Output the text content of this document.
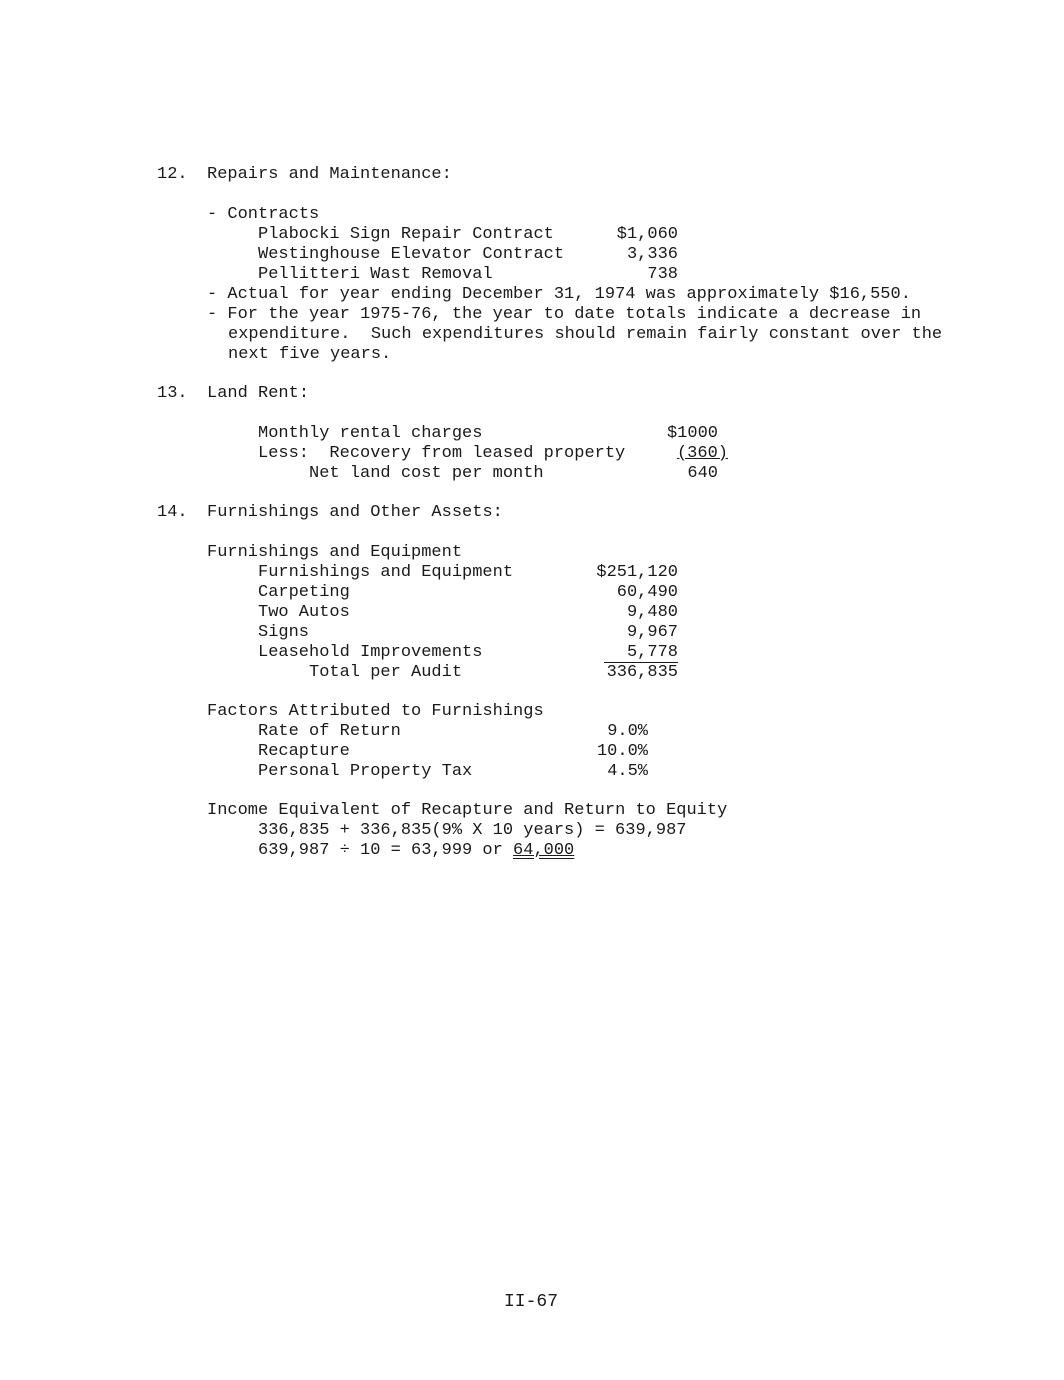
12. Repairs and Maintenance:
- Contracts
Plabocki Sign Repair Contract	$1,060
Westinghouse Elevator Contract	3,336
Pellitteri Wast Removal	738
- Actual for year ending December 31, 1974 was approximately $16,550.
- For the year 1975-76, the year to date totals indicate a decrease in
expenditure.  Such expenditures should remain fairly constant over the
next five years.
13. Land Rent:
Monthly rental charges	$1000
Less:  Recovery from leased property	(360)
Net land cost per month	640
14. Furnishings and Other Assets:
Furnishings and Equipment
Furnishings and Equipment	$251,120
Carpeting	60,490
Two Autos	9,480
Signs	9,967
Leasehold Improvements	5,778
Total per Audit	336,835
Factors Attributed to Furnishings
Rate of Return	9.0%
Recapture	10.0%
Personal Property Tax	4.5%
Income Equivalent of Recapture and Return to Equity
336,835 + 336,835(9% X 10 years) = 639,987
639,987 ÷ 10 = 63,999 or 64,000
II-67
